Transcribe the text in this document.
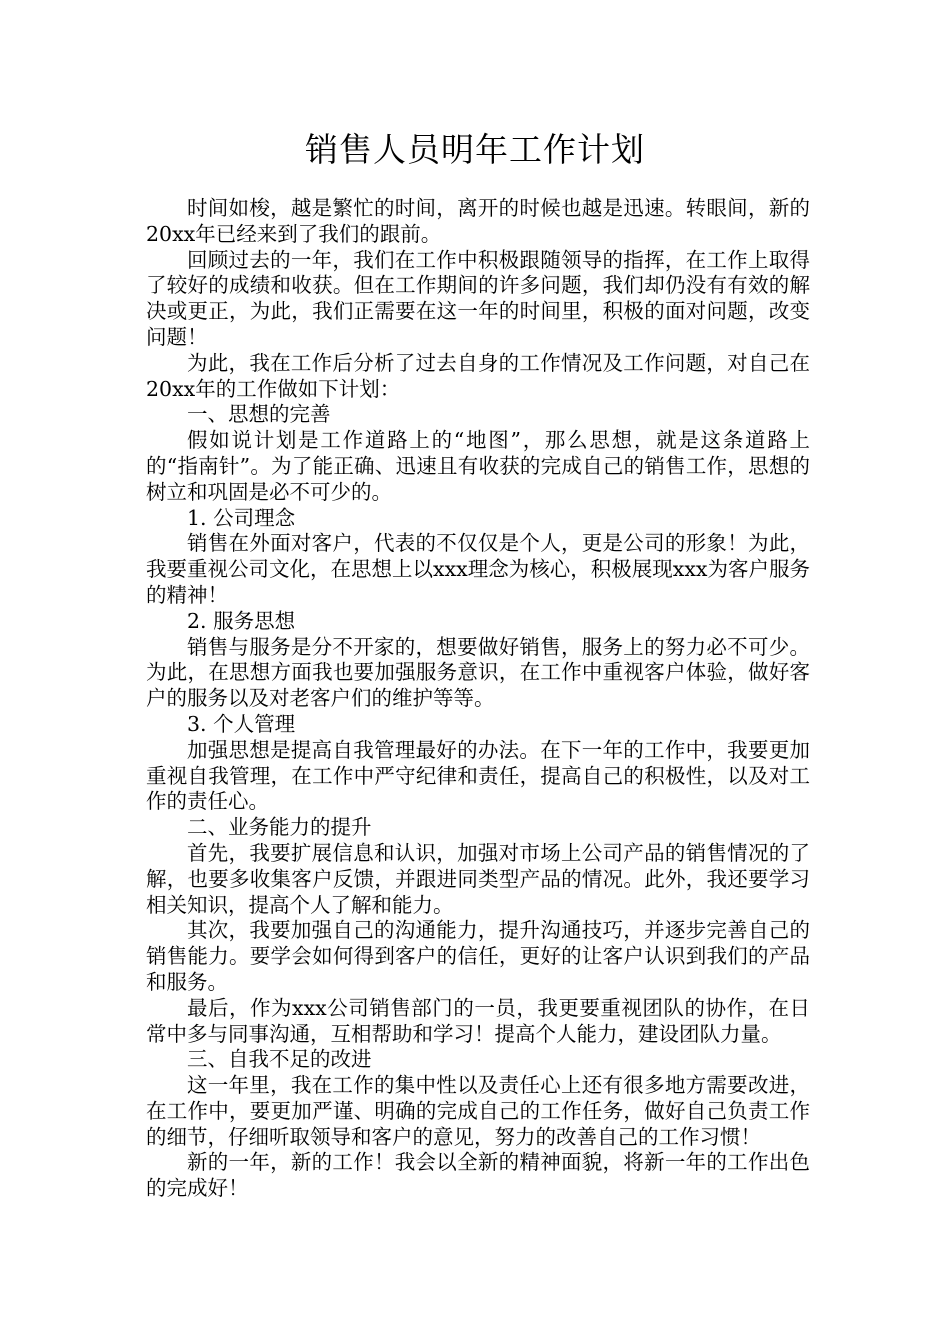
销售人员明年工作计划

时间如梭，越是繁忙的时间，离开的时候也越是迅速。转眼间，新的20xx年已经来到了我们的跟前。

回顾过去的一年，我们在工作中积极跟随领导的指挥，在工作上取得了较好的成绩和收获。但在工作期间的许多问题，我们却仍没有有效的解决或更正，为此，我们正需要在这一年的时间里，积极的面对问题，改变问题！

为此，我在工作后分析了过去自身的工作情况及工作问题，对自己在20xx年的工作做如下计划：

一、思想的完善

假如说计划是工作道路上的“地图”，那么思想，就是这条道路上的“指南针”。为了能正确、迅速且有收获的完成自己的销售工作，思想的树立和巩固是必不可少的。

1. 公司理念

销售在外面对客户，代表的不仅仅是个人，更是公司的形象！为此，我要重视公司文化，在思想上以xxx理念为核心，积极展现xxx为客户服务的精神！

2. 服务思想

销售与服务是分不开家的，想要做好销售，服务上的努力必不可少。为此，在思想方面我也要加强服务意识，在工作中重视客户体验，做好客户的服务以及对老客户们的维护等等。

3. 个人管理

加强思想是提高自我管理最好的办法。在下一年的工作中，我要更加重视自我管理，在工作中严守纪律和责任，提高自己的积极性，以及对工作的责任心。

二、业务能力的提升

首先，我要扩展信息和认识，加强对市场上公司产品的销售情况的了解，也要多收集客户反馈，并跟进同类型产品的情况。此外，我还要学习相关知识，提高个人了解和能力。

其次，我要加强自己的沟通能力，提升沟通技巧，并逐步完善自己的销售能力。要学会如何得到客户的信任，更好的让客户认识到我们的产品和服务。

最后，作为xxx公司销售部门的一员，我更要重视团队的协作，在日常中多与同事沟通，互相帮助和学习！提高个人能力，建设团队力量。

三、自我不足的改进

这一年里，我在工作的集中性以及责任心上还有很多地方需要改进，在工作中，要更加严谨、明确的完成自己的工作任务，做好自己负责工作的细节，仔细听取领导和客户的意见，努力的改善自己的工作习惯！

新的一年，新的工作！我会以全新的精神面貌，将新一年的工作出色的完成好！
